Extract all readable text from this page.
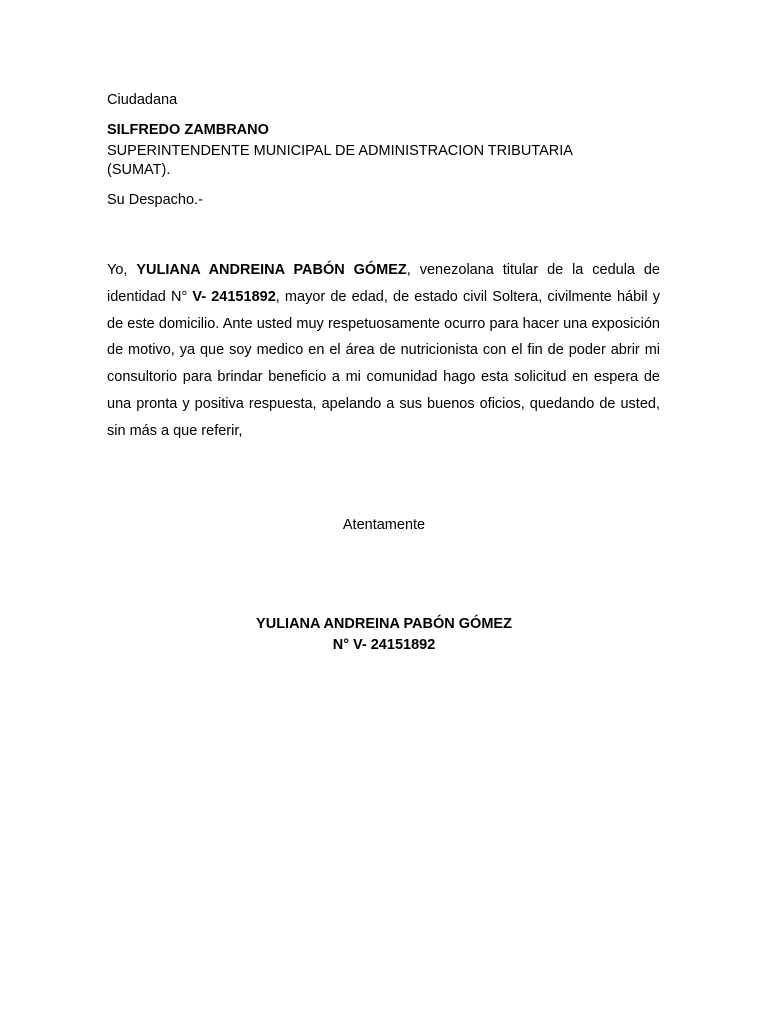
Ciudadana
SILFREDO ZAMBRANO
SUPERINTENDENTE MUNICIPAL DE ADMINISTRACION TRIBUTARIA
(SUMAT).
Su Despacho.-
Yo, YULIANA ANDREINA PABÓN GÓMEZ, venezolana titular de la cedula de identidad N° V- 24151892, mayor de edad, de estado civil Soltera, civilmente hábil y de este domicilio. Ante usted muy respetuosamente ocurro para hacer una exposición de motivo, ya que soy medico en el área de nutricionista con el fin de poder abrir mi consultorio para brindar beneficio a mi comunidad hago esta solicitud en espera de una pronta y positiva respuesta, apelando a sus buenos oficios, quedando de usted, sin más a que referir,
Atentamente
YULIANA ANDREINA PABÓN GÓMEZ
N° V- 24151892
